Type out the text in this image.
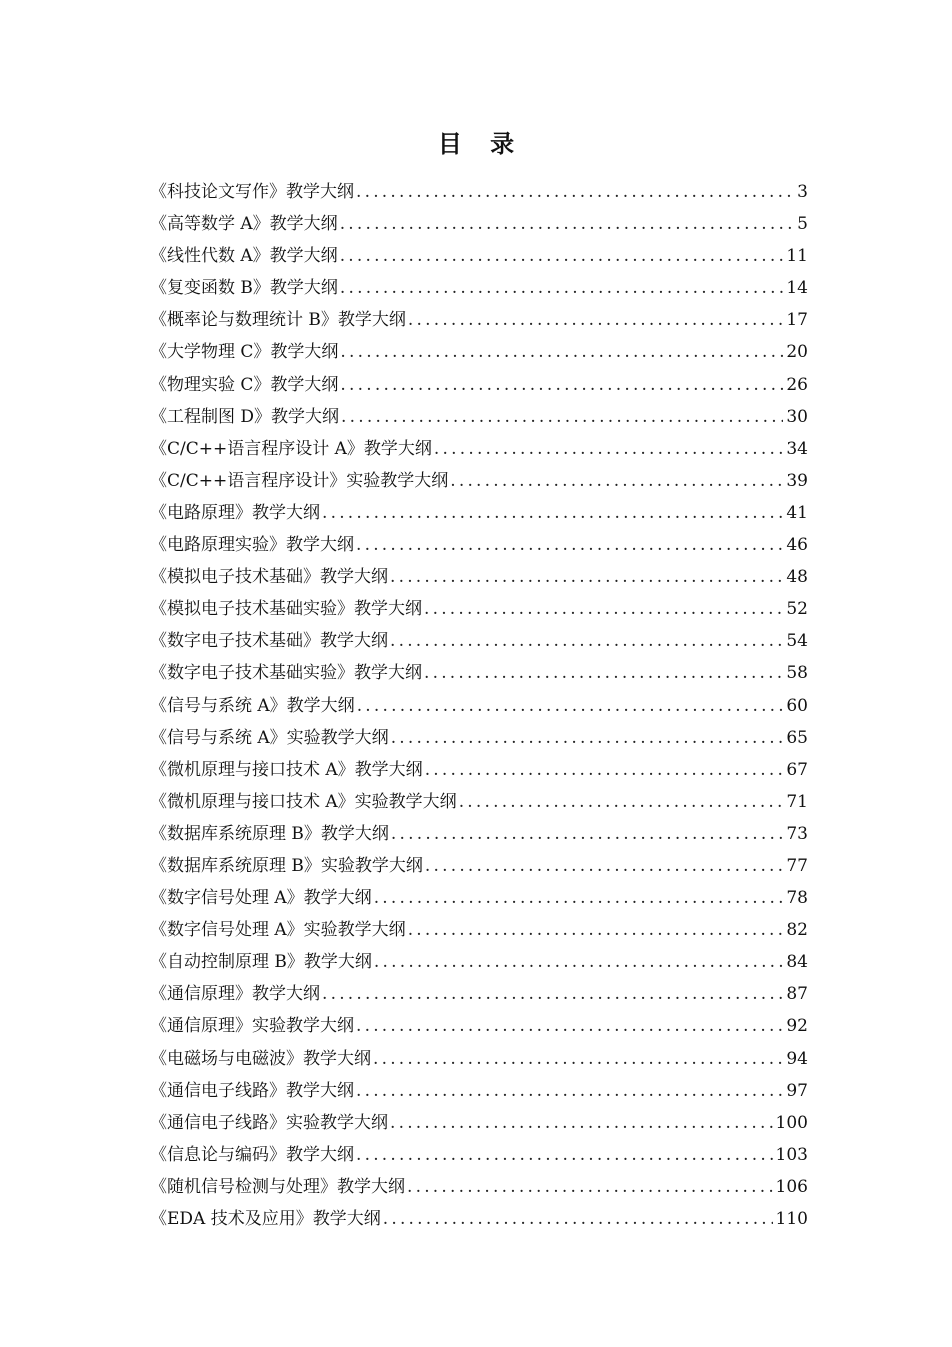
目 录
《科技论文写作》教学大纲 .....	3
《高等数学 A》教学大纲 .....	5
《线性代数 A》教学大纲 .....	11
《复变函数 B》教学大纲 .....	14
《概率论与数理统计 B》教学大纲 .....	17
《大学物理 C》教学大纲 .....	20
《物理实验 C》教学大纲 .....	26
《工程制图 D》教学大纲 .....	30
《C/C++语言程序设计 A》教学大纲 .....	34
《C/C++语言程序设计》实验教学大纲 .....	39
《电路原理》教学大纲 .....	41
《电路原理实验》教学大纲 .....	46
《模拟电子技术基础》教学大纲 .....	48
《模拟电子技术基础实验》教学大纲 .....	52
《数字电子技术基础》教学大纲 .....	54
《数字电子技术基础实验》教学大纲 .....	58
《信号与系统 A》教学大纲 .....	60
《信号与系统 A》实验教学大纲 .....	65
《微机原理与接口技术 A》教学大纲 .....	67
《微机原理与接口技术 A》实验教学大纲 .....	71
《数据库系统原理 B》教学大纲 .....	73
《数据库系统原理 B》实验教学大纲 .....	77
《数字信号处理 A》教学大纲 .....	78
《数字信号处理 A》实验教学大纲 .....	82
《自动控制原理 B》教学大纲 .....	84
《通信原理》教学大纲 .....	87
《通信原理》实验教学大纲 .....	92
《电磁场与电磁波》教学大纲 .....	94
《通信电子线路》教学大纲 .....	97
《通信电子线路》实验教学大纲 .....	100
《信息论与编码》教学大纲 .....	103
《随机信号检测与处理》教学大纲 .....	106
《EDA 技术及应用》教学大纲 .....	110
